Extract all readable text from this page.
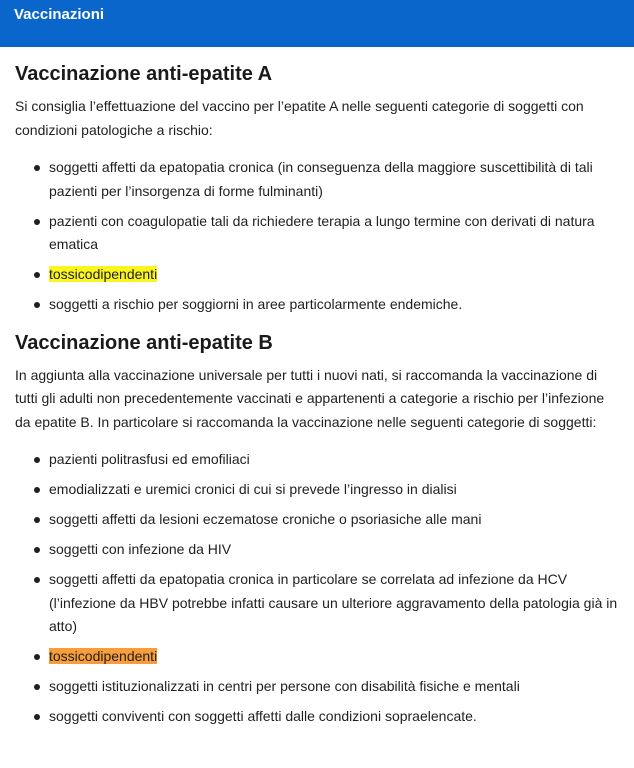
Vaccinazioni
Vaccinazione anti-epatite A

Si consiglia l’effettuazione del vaccino per l’epatite A nelle seguenti categorie di soggetti con condizioni patologiche a rischio:

soggetti affetti da epatopatia cronica (in conseguenza della maggiore suscettibilità di tali pazienti per l’insorgenza di forme fulminanti)
pazienti con coagulopatie tali da richiedere terapia a lungo termine con derivati di natura ematica
tossicodipendenti
soggetti a rischio per soggiorni in aree particolarmente endemiche.
Vaccinazione anti-epatite B

In aggiunta alla vaccinazione universale per tutti i nuovi nati, si raccomanda la vaccinazione di tutti gli adulti non precedentemente vaccinati e appartenenti a categorie a rischio per l’infezione da epatite B. In particolare si raccomanda la vaccinazione nelle seguenti categorie di soggetti:

pazienti politrasfusi ed emofiliaci
emodializzati e uremici cronici di cui si prevede l’ingresso in dialisi
soggetti affetti da lesioni eczematose croniche o psoriasiche alle mani
soggetti con infezione da HIV
soggetti affetti da epatopatia cronica in particolare se correlata ad infezione da HCV (l’infezione da HBV potrebbe infatti causare un ulteriore aggravamento della patologia già in atto)
tossicodipendenti
soggetti istituzionalizzati in centri per persone con disabilità fisiche e mentali
soggetti conviventi con soggetti affetti dalle condizioni sopraelencate.
